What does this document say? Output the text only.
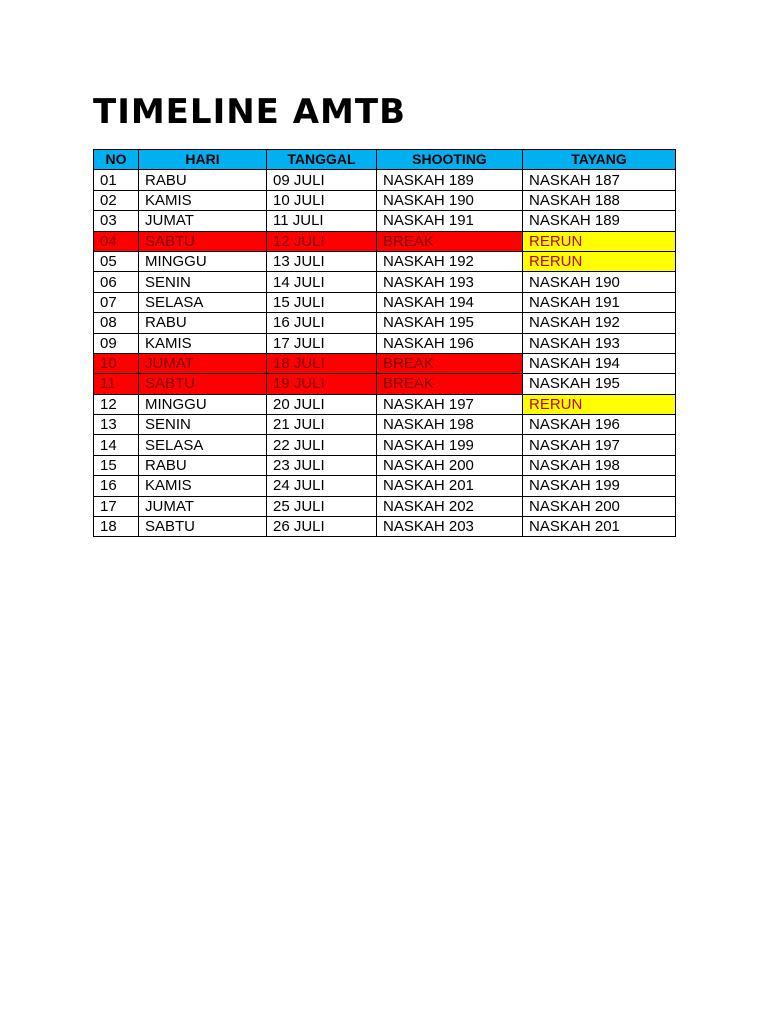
TIMELINE AMTB
NO	HARI	TANGGAL	SHOOTING	TAYANG
01	RABU	09 JULI	NASKAH 189	NASKAH 187
02	KAMIS	10 JULI	NASKAH 190	NASKAH 188
03	JUMAT	11 JULI	NASKAH 191	NASKAH 189
04	SABTU	12 JULI	BREAK	RERUN
05	MINGGU	13 JULI	NASKAH 192	RERUN
06	SENIN	14 JULI	NASKAH 193	NASKAH 190
07	SELASA	15 JULI	NASKAH 194	NASKAH 191
08	RABU	16 JULI	NASKAH 195	NASKAH 192
09	KAMIS	17 JULI	NASKAH 196	NASKAH 193
10	JUMAT	18 JULI	BREAK	NASKAH 194
11	SABTU	19 JULI	BREAK	NASKAH 195
12	MINGGU	20 JULI	NASKAH 197	RERUN
13	SENIN	21 JULI	NASKAH 198	NASKAH 196
14	SELASA	22 JULI	NASKAH 199	NASKAH 197
15	RABU	23 JULI	NASKAH 200	NASKAH 198
16	KAMIS	24 JULI	NASKAH 201	NASKAH 199
17	JUMAT	25 JULI	NASKAH 202	NASKAH 200
18	SABTU	26 JULI	NASKAH 203	NASKAH 201
